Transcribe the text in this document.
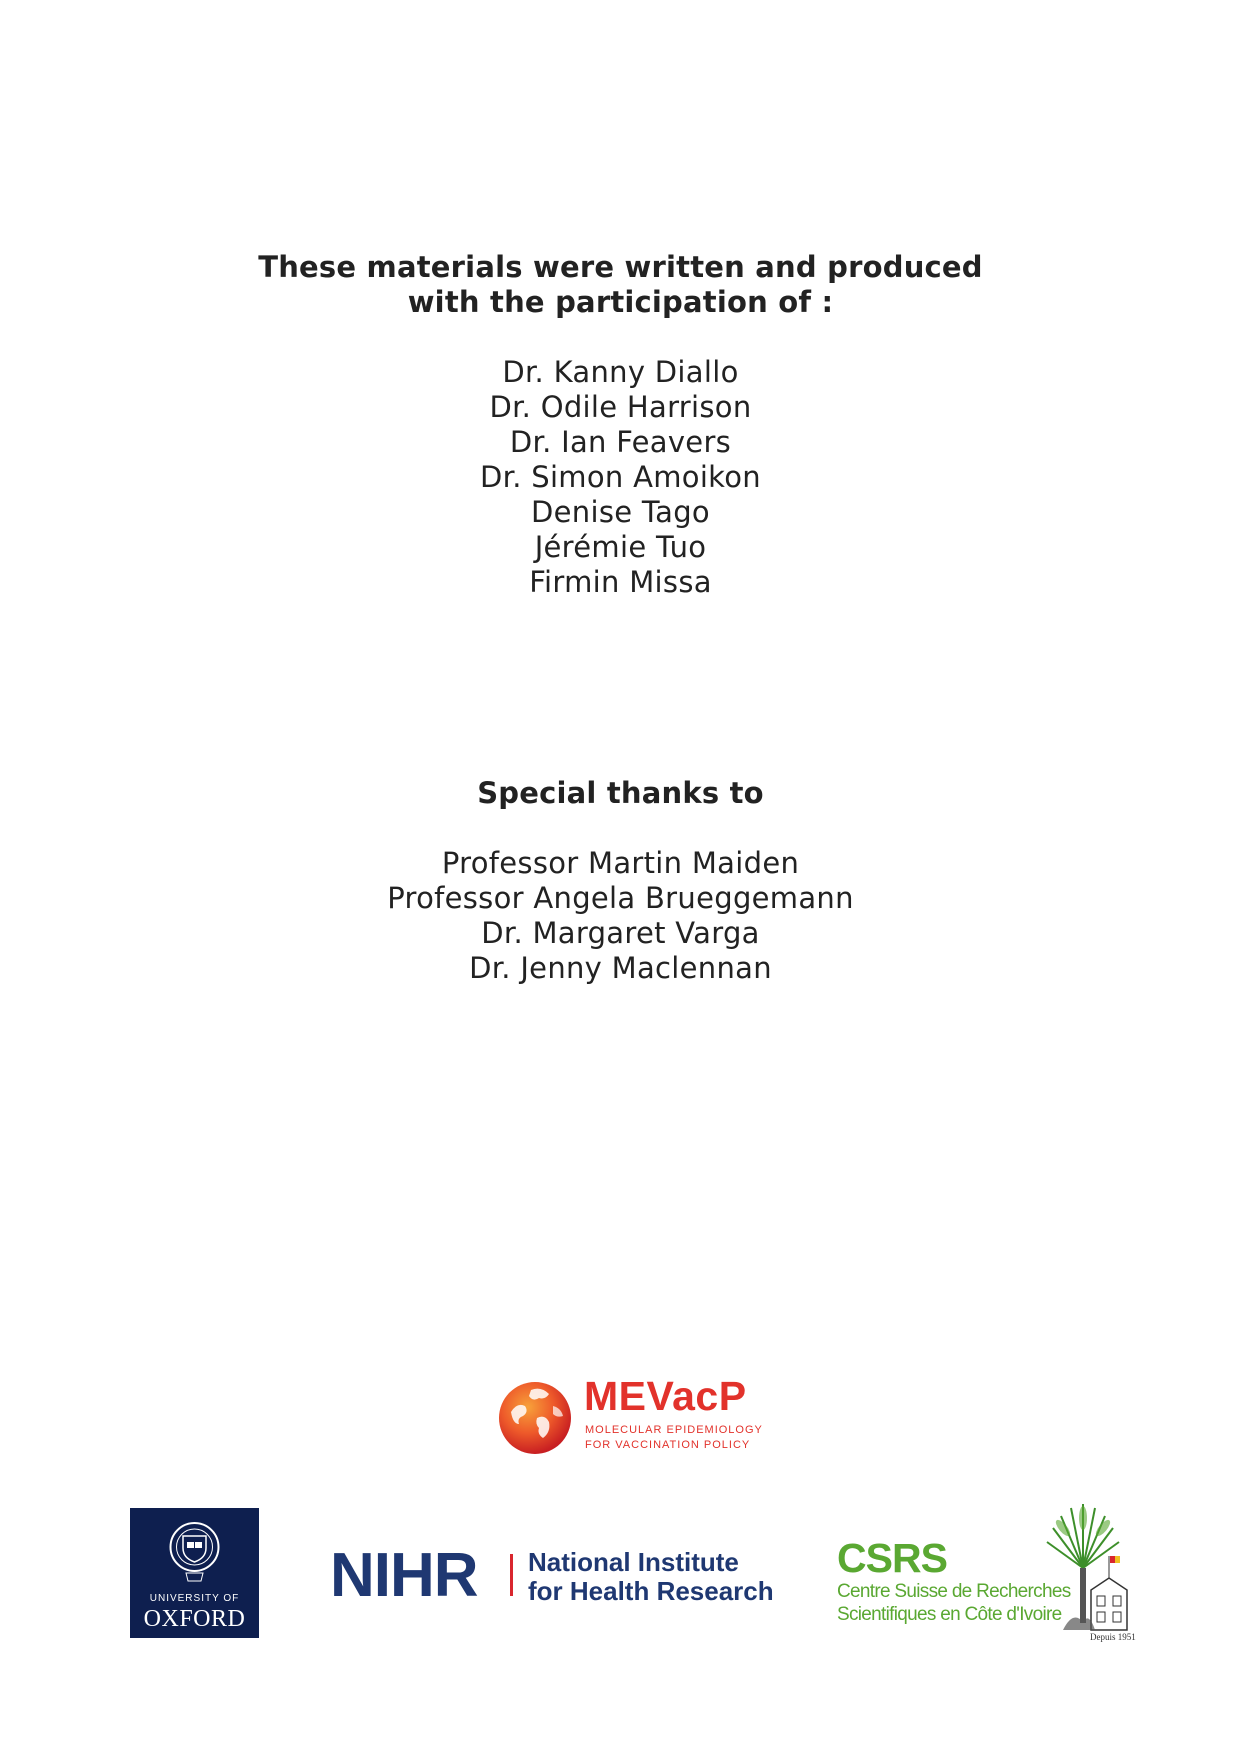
These materials were written and produced

with the participation of :

Dr. Kanny Diallo
Dr. Odile Harrison
Dr. Ian Feavers
Dr. Simon Amoikon
Denise Tago
Jérémie Tuo
Firmin Missa

Special thanks to

Professor Martin Maiden
Professor Angela Brueggemann
Dr. Margaret Varga
Dr. Jenny Maclennan
MEVacP
MOLECULAR EPIDEMIOLOGY
FOR VACCINATION POLICY
UNIVERSITY OF
OXFORD
NIHR National Institute
for Health Research
CSRS
Centre Suisse de Recherches
Scientifiques en Côte d'Ivoire
Depuis 1951
